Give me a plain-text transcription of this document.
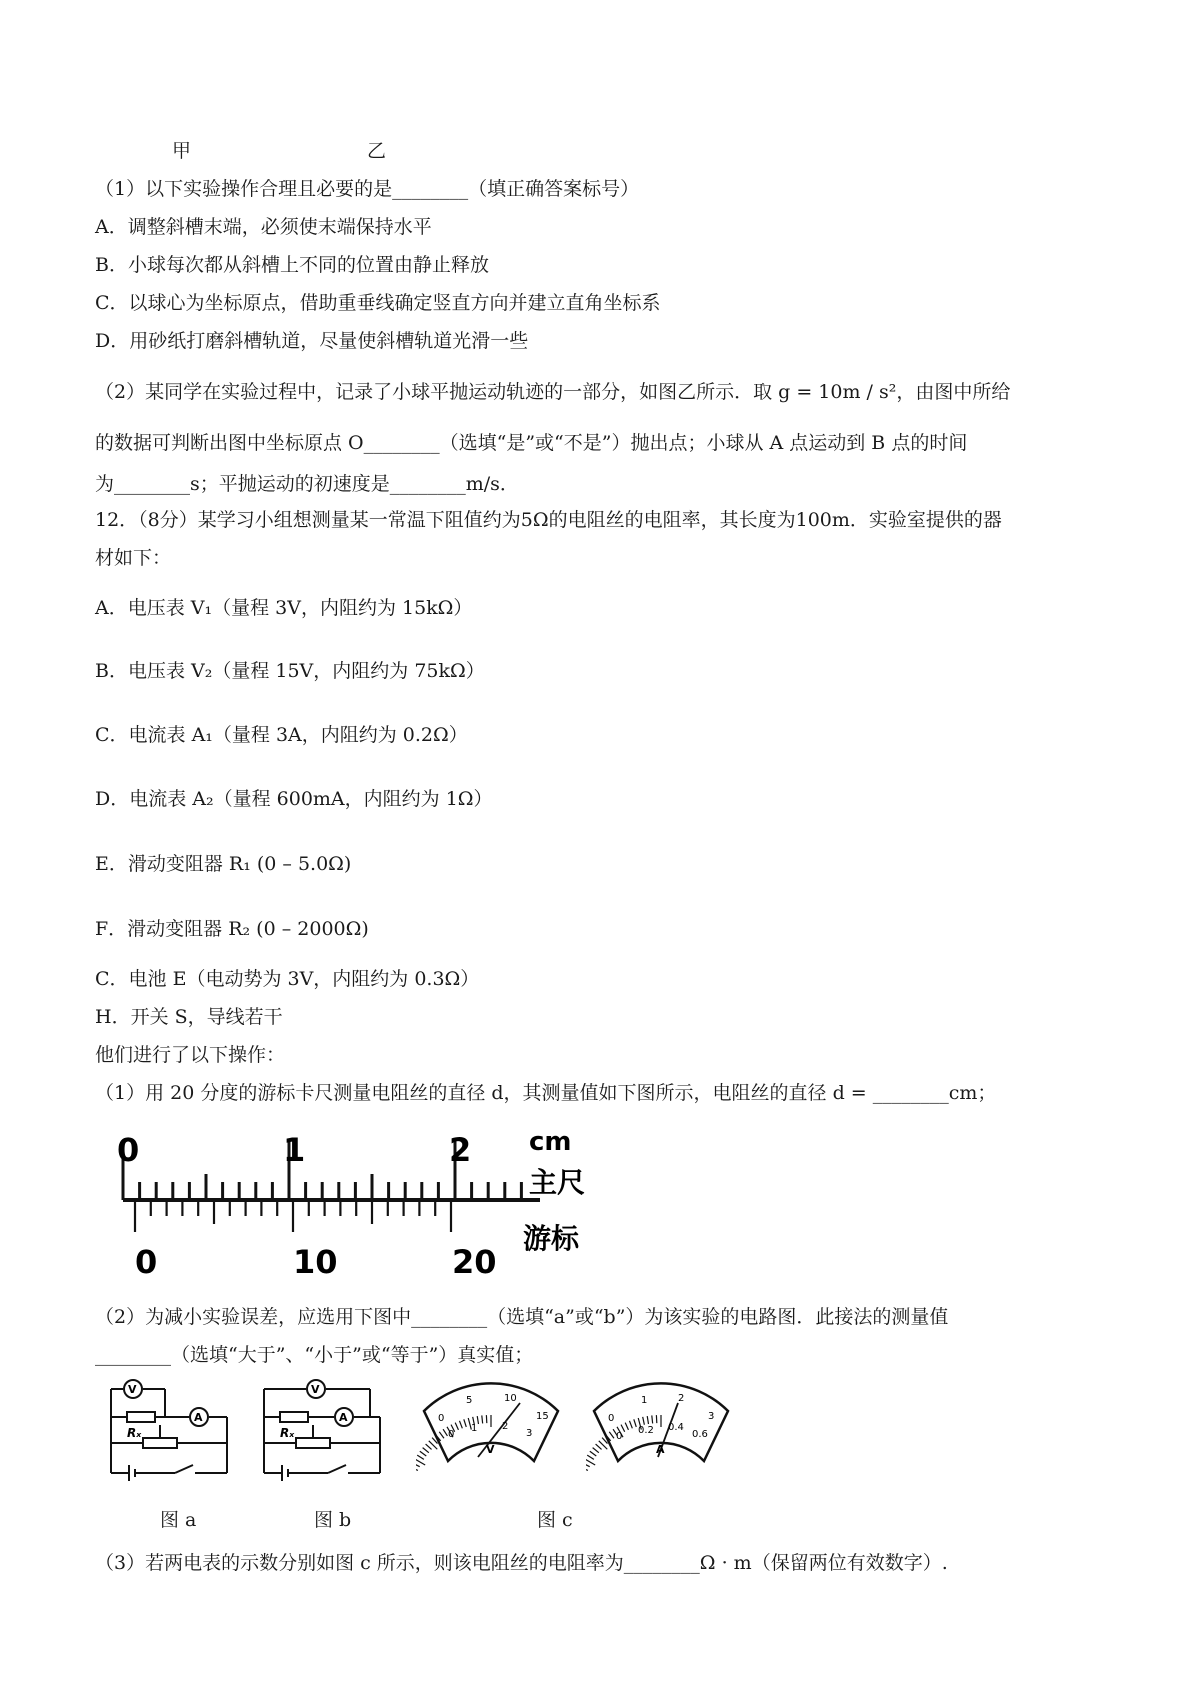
甲	乙
（1）以下实验操作合理且必要的是________（填正确答案标号）
A．调整斜槽末端，必须使末端保持水平
B．小球每次都从斜槽上不同的位置由静止释放
C．以球心为坐标原点，借助重垂线确定竖直方向并建立直角坐标系
D．用砂纸打磨斜槽轨道，尽量使斜槽轨道光滑一些
（2）某同学在实验过程中，记录了小球平抛运动轨迹的一部分，如图乙所示．取 g = 10m / s²，由图中所给
的数据可判断出图中坐标原点 O________（选填“是”或“不是”）抛出点；小球从 A 点运动到 B 点的时间
为________s；平抛运动的初速度是________m/s．
12．（8分）某学习小组想测量某一常温下阻值约为5Ω的电阻丝的电阻率，其长度为100m．实验室提供的器
材如下：
A．电压表 V₁（量程 3V，内阻约为 15kΩ）
B．电压表 V₂（量程 15V，内阻约为 75kΩ）
C．电流表 A₁（量程 3A，内阻约为 0.2Ω）
D．电流表 A₂（量程 600mA，内阻约为 1Ω）
E．滑动变阻器 R₁ (0 – 5.0Ω)
F．滑动变阻器 R₂ (0 – 2000Ω)
C．电池 E（电动势为 3V，内阻约为 0.3Ω）
H．开关 S，导线若干
他们进行了以下操作：
（1）用 20 分度的游标卡尺测量电阻丝的直径 d，其测量值如下图所示，电阻丝的直径 d = ________cm；
0	1	2 cm
主尺
游标
0	10	20
（2）为减小实验误差，应选用下图中________（选填“a”或“b”）为该实验的电路图．此接法的测量值
________（选填“大于”、“小于”或“等于”）真实值；
V
A
Rₓ
V
A
Rₓ
0
5	10
15
0
1 2
3
V
0
1	2
3
0
0.2 0.4
0.6
A
图 a	图 b	图 c
（3）若两电表的示数分别如图 c 所示，则该电阻丝的电阻率为________Ω · m（保留两位有效数字）.
